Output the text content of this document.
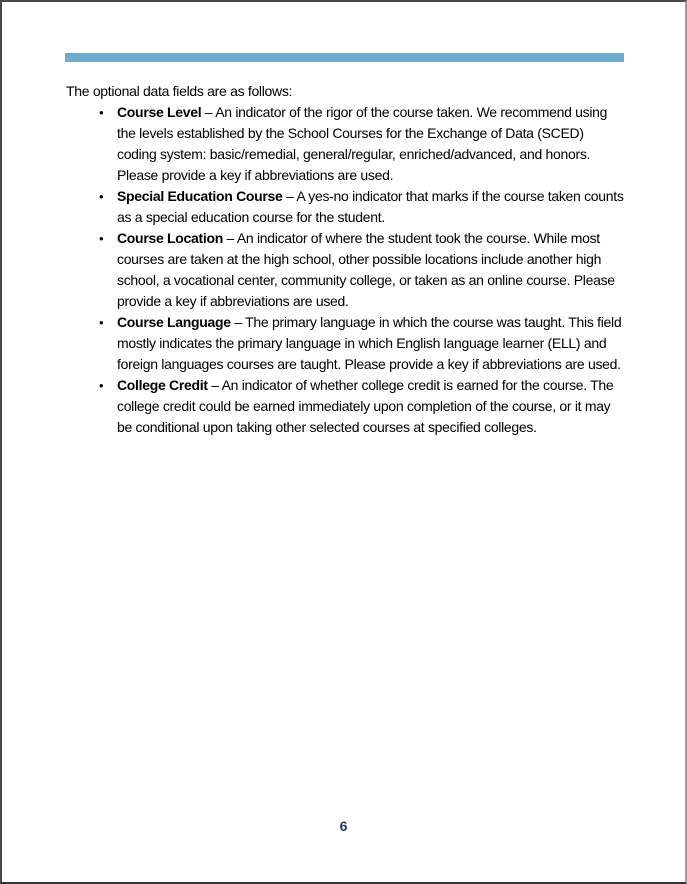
The optional data fields are as follows:

• Course Level – An indicator of the rigor of the course taken. We recommend using the levels established by the School Courses for the Exchange of Data (SCED) coding system: basic/remedial, general/regular, enriched/advanced, and honors. Please provide a key if abbreviations are used.
• Special Education Course – A yes-no indicator that marks if the course taken counts as a special education course for the student.
• Course Location – An indicator of where the student took the course. While most courses are taken at the high school, other possible locations include another high school, a vocational center, community college, or taken as an online course. Please provide a key if abbreviations are used.
• Course Language – The primary language in which the course was taught. This field mostly indicates the primary language in which English language learner (ELL) and foreign languages courses are taught. Please provide a key if abbreviations are used.
• College Credit – An indicator of whether college credit is earned for the course. The college credit could be earned immediately upon completion of the course, or it may be conditional upon taking other selected courses at specified colleges.
6
